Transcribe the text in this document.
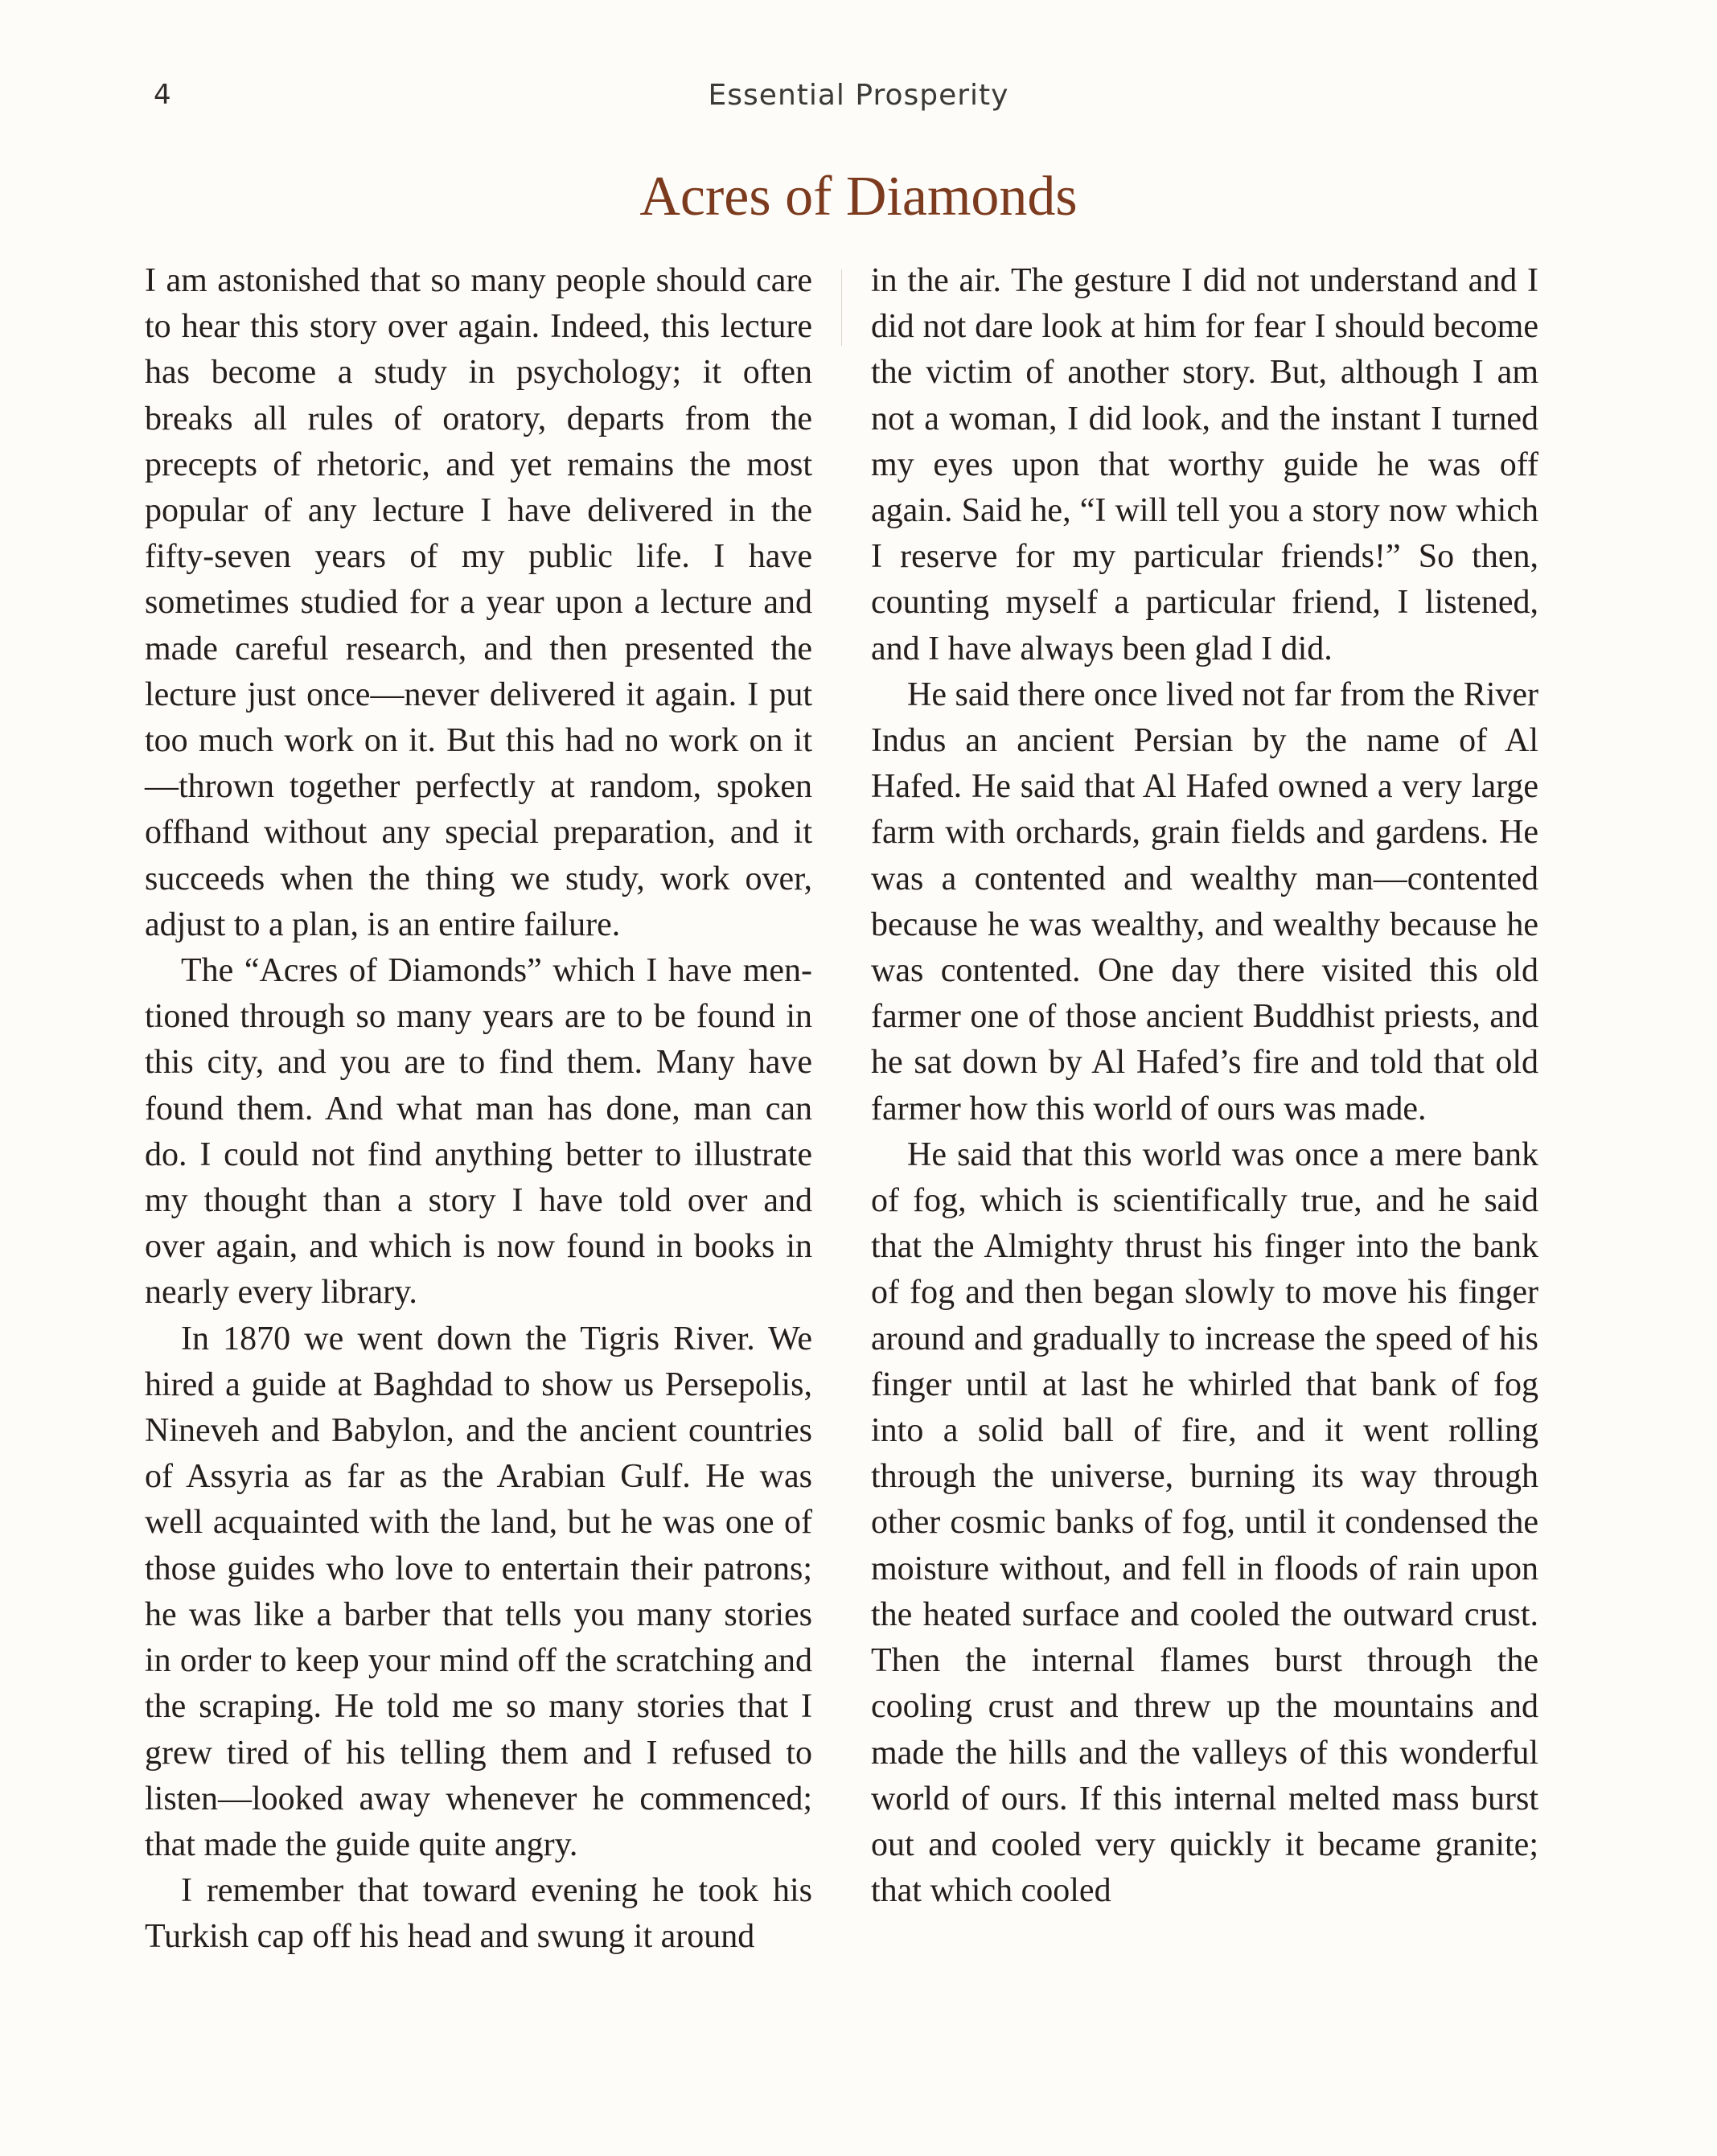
4	Essential Prosperity
Acres of Diamonds

I am astonished that so many people should care to hear this story over again. Indeed, this lecture has become a study in psychology; it often breaks all rules of oratory, departs from the precepts of rhetoric, and yet remains the most popular of any lecture I have delivered in the fifty-seven years of my public life. I have sometimes studied for a year upon a lecture and made careful research, and then presented the lecture just once—never delivered it again. I put too much work on it. But this had no work on it—thrown together perfectly at random, spoken offhand without any special preparation, and it succeeds when the thing we study, work over, adjust to a plan, is an entire failure.

The “Acres of Diamonds” which I have mentioned through so many years are to be found in this city, and you are to find them. Many have found them. And what man has done, man can do. I could not find anything better to illustrate my thought than a story I have told over and over again, and which is now found in books in nearly every library.

In 1870 we went down the Tigris River. We hired a guide at Baghdad to show us Persepolis, Nineveh and Babylon, and the ancient countries of Assyria as far as the Arabian Gulf. He was well acquainted with the land, but he was one of those guides who love to entertain their patrons; he was like a barber that tells you many stories in order to keep your mind off the scratching and the scraping. He told me so many stories that I grew tired of his telling them and I refused to listen—looked away whenever he commenced; that made the guide quite angry.

I remember that toward evening he took his Turkish cap off his head and swung it around

in the air. The gesture I did not understand and I did not dare look at him for fear I should become the victim of another story. But, although I am not a woman, I did look, and the instant I turned my eyes upon that worthy guide he was off again. Said he, “I will tell you a story now which I reserve for my particular friends!” So then, counting myself a particular friend, I listened, and I have always been glad I did.

He said there once lived not far from the River Indus an ancient Persian by the name of Al Hafed. He said that Al Hafed owned a very large farm with orchards, grain fields and gardens. He was a contented and wealthy man—contented because he was wealthy, and wealthy because he was contented. One day there visited this old farmer one of those ancient Buddhist priests, and he sat down by Al Hafed’s fire and told that old farmer how this world of ours was made.

He said that this world was once a mere bank of fog, which is scientifically true, and he said that the Almighty thrust his finger into the bank of fog and then began slowly to move his finger around and gradually to increase the speed of his finger until at last he whirled that bank of fog into a solid ball of fire, and it went rolling through the universe, burning its way through other cosmic banks of fog, until it condensed the moisture without, and fell in floods of rain upon the heated surface and cooled the outward crust. Then the internal flames burst through the cooling crust and threw up the mountains and made the hills and the valleys of this wonderful world of ours. If this internal melted mass burst out and cooled very quickly it became granite; that which cooled
